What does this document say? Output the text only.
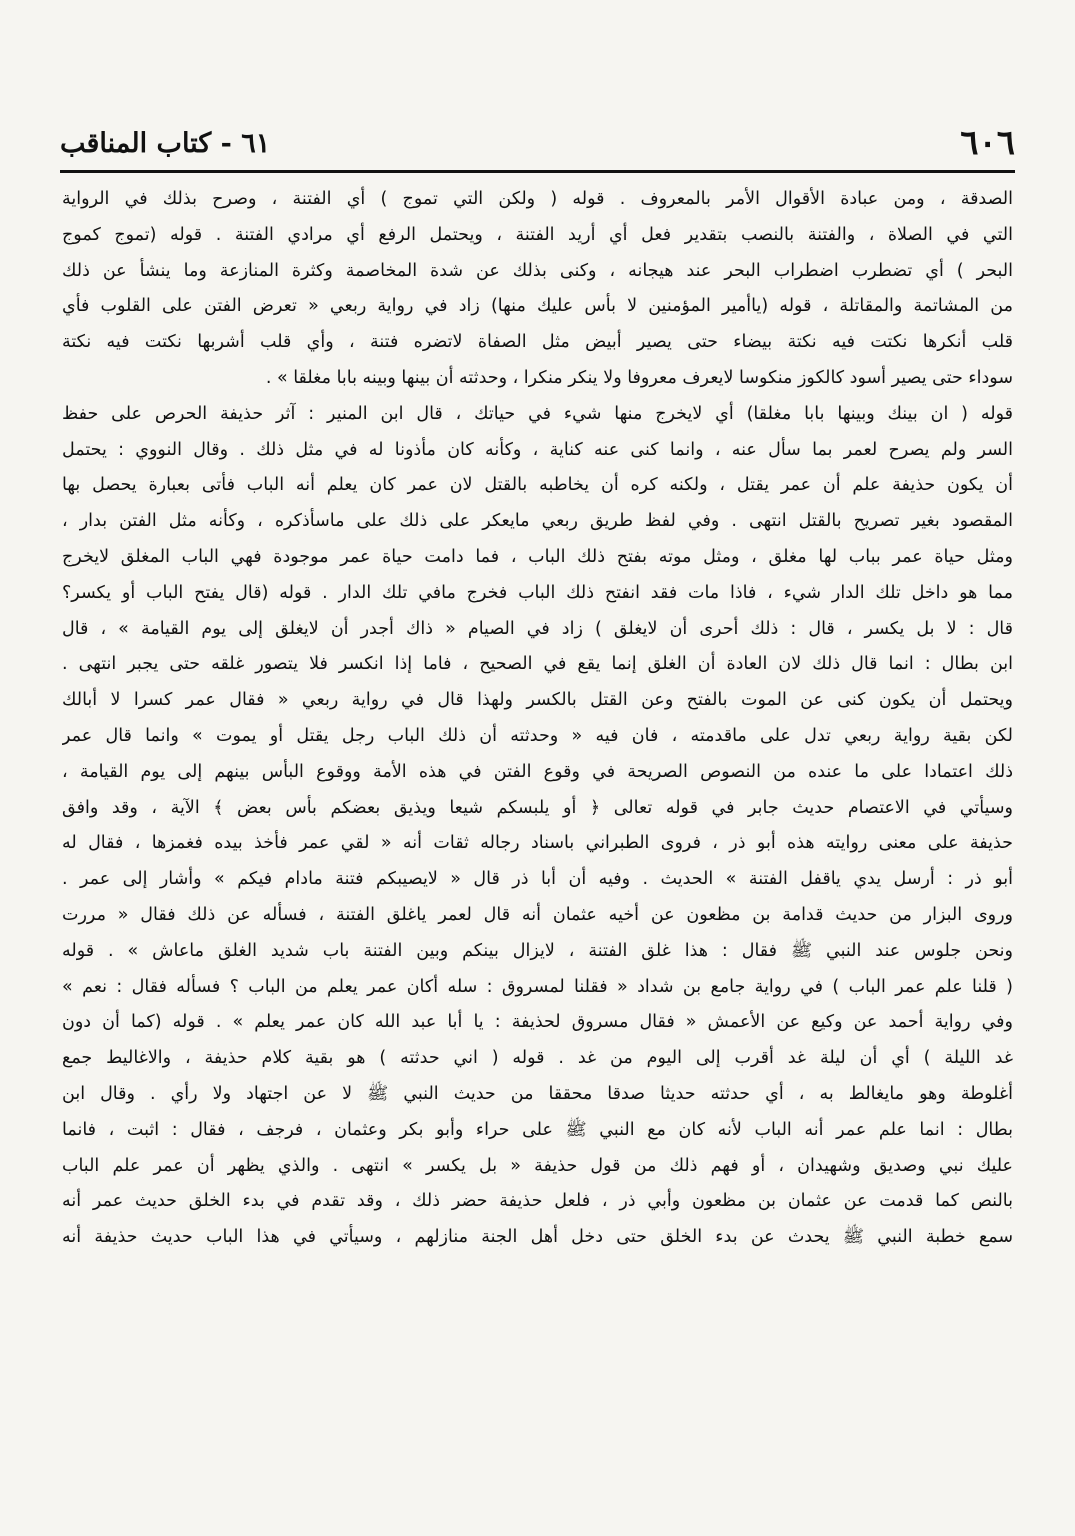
٦١ - كتاب المناقب	٦٠٦
الصدقة ، ومن عبادة الأقوال الأمر بالمعروف . قوله ( ولكن التي تموج ) أي الفتنة ، وصرح بذلك في الرواية
التي في الصلاة ، والفتنة بالنصب بتقدير فعل أي أريد الفتنة ، ويحتمل الرفع أي مرادي الفتنة . قوله (تموج كموج
البحر ) أي تضطرب اضطراب البحر عند هيجانه ، وكنى بذلك عن شدة المخاصمة وكثرة المنازعة وما ينشأ عن ذلك
من المشاتمة والمقاتلة ، قوله (ياأمير المؤمنين لا بأس عليك منها) زاد في رواية ربعي « تعرض الفتن على القلوب فأي
قلب أنكرها نكتت فيه نكتة بيضاء حتى يصير أبيض مثل الصفاة لاتضره فتنة ، وأي قلب أشربها نكتت فيه نكتة
سوداء حتى يصير أسود كالكوز منكوسا لايعرف معروفا ولا ينكر منكرا ، وحدثته أن بينها وبينه بابا مغلقا » .
قوله ( ان بينك وبينها بابا مغلقا) أي لايخرج منها شيء في حياتك ، قال ابن المنير : آثر حذيفة الحرص على حفظ
السر ولم يصرح لعمر بما سأل عنه ، وانما كنى عنه كناية ، وكأنه كان مأذونا له في مثل ذلك . وقال النووي : يحتمل
أن يكون حذيفة علم أن عمر يقتل ، ولكنه كره أن يخاطبه بالقتل لان عمر كان يعلم أنه الباب فأتى بعبارة يحصل بها
المقصود بغير تصريح بالقتل انتهى . وفي لفظ طريق ربعي مايعكر على ذلك على ماسأذكره ، وكأنه مثل الفتن بدار ،
ومثل حياة عمر بباب لها مغلق ، ومثل موته بفتح ذلك الباب ، فما دامت حياة عمر موجودة فهي الباب المغلق لايخرج
مما هو داخل تلك الدار شيء ، فاذا مات فقد انفتح ذلك الباب فخرج مافي تلك الدار . قوله (قال يفتح الباب أو يكسر؟
قال : لا بل يكسر ، قال : ذلك أحرى أن لايغلق ) زاد في الصيام « ذاك أجدر أن لايغلق إلى يوم القيامة » ، قال
ابن بطال : انما قال ذلك لان العادة أن الغلق إنما يقع في الصحيح ، فاما إذا انكسر فلا يتصور غلقه حتى يجبر انتهى .
ويحتمل أن يكون كنى عن الموت بالفتح وعن القتل بالكسر ولهذا قال في رواية ربعي « فقال عمر كسرا لا أبالك
لكن بقية رواية ربعي تدل على ماقدمته ، فان فيه « وحدثته أن ذلك الباب رجل يقتل أو يموت » وانما قال عمر
ذلك اعتمادا على ما عنده من النصوص الصريحة في وقوع الفتن في هذه الأمة ووقوع البأس بينهم إلى يوم القيامة ،
وسيأتي في الاعتصام حديث جابر في قوله تعالى ﴿ أو يلبسكم شيعا ويذيق بعضكم بأس بعض ﴾ الآية ، وقد وافق
حذيفة على معنى روايته هذه أبو ذر ، فروى الطبراني باسناد رجاله ثقات أنه « لقي عمر فأخذ بيده فغمزها ، فقال له
أبو ذر : أرسل يدي ياقفل الفتنة » الحديث . وفيه أن أبا ذر قال « لايصيبكم فتنة مادام فيكم » وأشار إلى عمر .
وروى البزار من حديث قدامة بن مظعون عن أخيه عثمان أنه قال لعمر ياغلق الفتنة ، فسأله عن ذلك فقال « مررت
ونحن جلوس عند النبي ﷺ فقال : هذا غلق الفتنة ، لايزال بينكم وبين الفتنة باب شديد الغلق ماعاش » . قوله
( قلنا علم عمر الباب ) في رواية جامع بن شداد « فقلنا لمسروق : سله أكان عمر يعلم من الباب ؟ فسأله فقال : نعم »
وفي رواية أحمد عن وكيع عن الأعمش « فقال مسروق لحذيفة : يا أبا عبد الله كان عمر يعلم » . قوله (كما أن دون
غد الليلة ) أي أن ليلة غد أقرب إلى اليوم من غد . قوله ( اني حدثته ) هو بقية كلام حذيفة ، والاغاليط جمع
أغلوطة وهو مايغالط به ، أي حدثته حديثا صدقا محققا من حديث النبي ﷺ لا عن اجتهاد ولا رأي . وقال ابن
بطال : انما علم عمر أنه الباب لأنه كان مع النبي ﷺ على حراء وأبو بكر وعثمان ، فرجف ، فقال : اثبت ، فانما
عليك نبي وصديق وشهيدان ، أو فهم ذلك من قول حذيفة « بل يكسر » انتهى . والذي يظهر أن عمر علم الباب
بالنص كما قدمت عن عثمان بن مظعون وأبي ذر ، فلعل حذيفة حضر ذلك ، وقد تقدم في بدء الخلق حديث عمر أنه
سمع خطبة النبي ﷺ يحدث عن بدء الخلق حتى دخل أهل الجنة منازلهم ، وسيأتي في هذا الباب حديث حذيفة أنه
